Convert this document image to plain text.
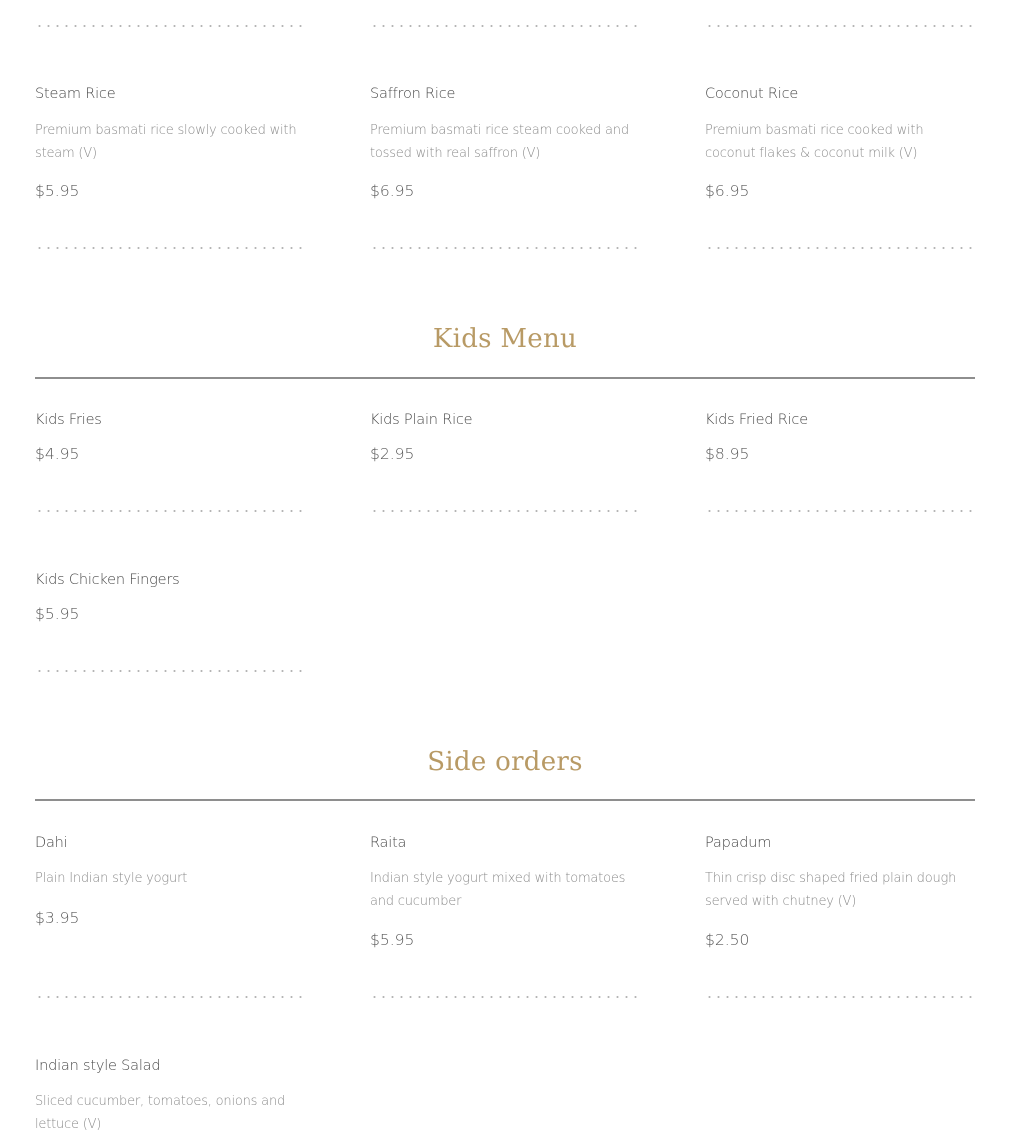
Steam Rice
Premium basmati rice slowly cooked with steam (V)
$5.95
Saffron Rice
Premium basmati rice steam cooked and tossed with real saffron (V)
$6.95
Coconut Rice
Premium basmati rice cooked with coconut flakes & coconut milk (V)
$6.95
Kids Menu
Kids Fries
$4.95
Kids Plain Rice
$2.95
Kids Fried Rice
$8.95
Kids Chicken Fingers
$5.95
Side orders
Dahi
Plain Indian style yogurt
$3.95
Raita
Indian style yogurt mixed with tomatoes and cucumber
$5.95
Papadum
Thin crisp disc shaped fried plain dough served with chutney (V)
$2.50
Indian style Salad
Sliced cucumber, tomatoes, onions and lettuce (V)
